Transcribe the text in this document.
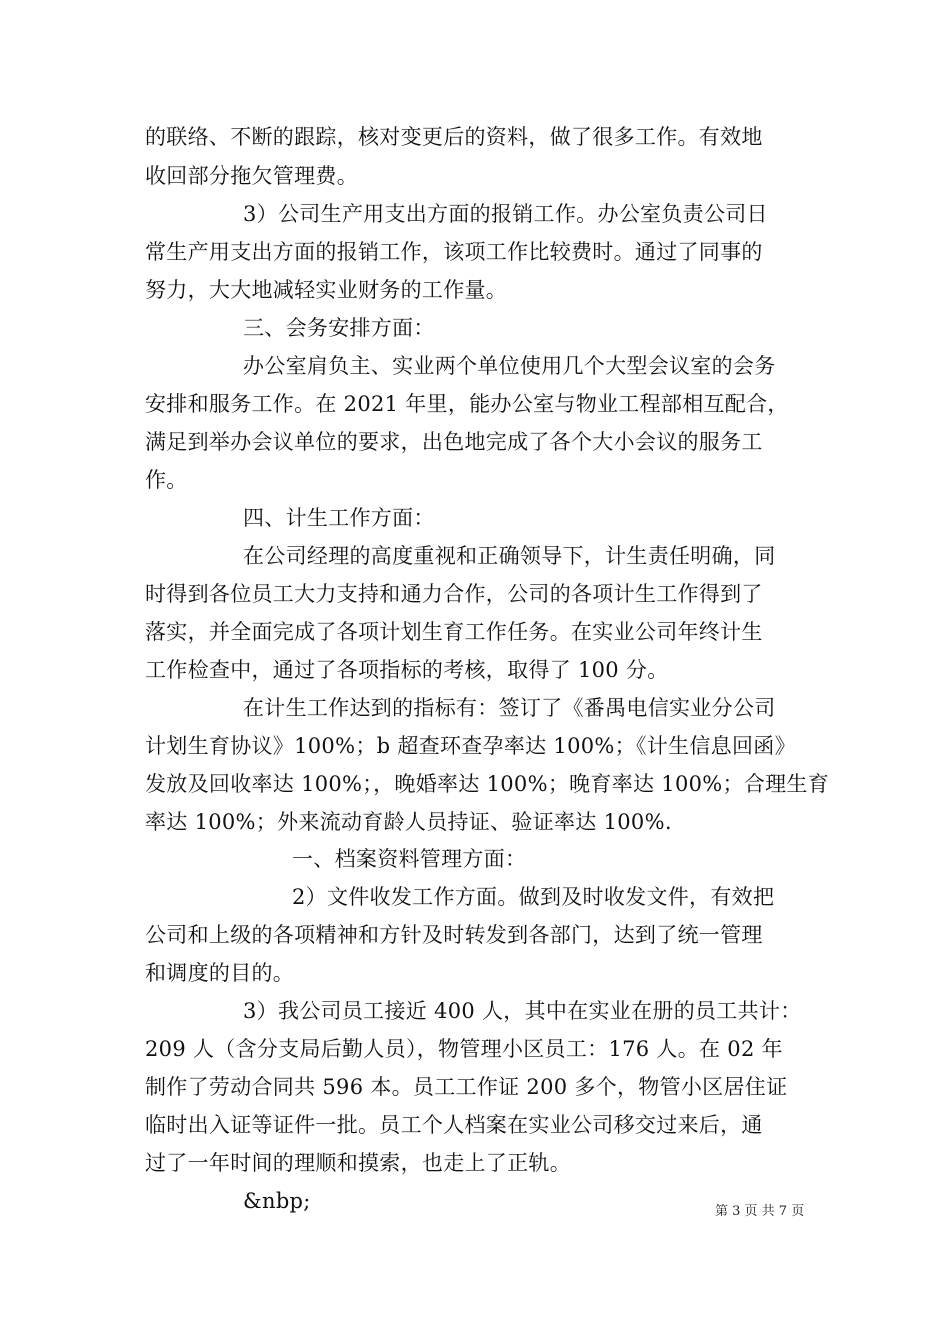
的联络、不断的跟踪，核对变更后的资料，做了很多工作。有效地
收回部分拖欠管理费。
3）公司生产用支出方面的报销工作。办公室负责公司日
常生产用支出方面的报销工作，该项工作比较费时。通过了同事的
努力，大大地减轻实业财务的工作量。
三、会务安排方面：
办公室肩负主、实业两个单位使用几个大型会议室的会务
安排和服务工作。在 2021 年里，能办公室与物业工程部相互配合，
满足到举办会议单位的要求，出色地完成了各个大小会议的服务工
作。
四、计生工作方面：
在公司经理的高度重视和正确领导下，计生责任明确，同
时得到各位员工大力支持和通力合作，公司的各项计生工作得到了
落实，并全面完成了各项计划生育工作任务。在实业公司年终计生
工作检查中，通过了各项指标的考核，取得了 100 分。
在计生工作达到的指标有：签订了《番禺电信实业分公司
计划生育协议》100%；b 超查环查孕率达 100%；《计生信息回函》
发放及回收率达 100%；，晚婚率达 100%；晚育率达 100%；合理生育
率达 100%；外来流动育龄人员持证、验证率达 100%.
一、档案资料管理方面：
2）文件收发工作方面。做到及时收发文件，有效把
公司和上级的各项精神和方针及时转发到各部门，达到了统一管理
和调度的目的。
3）我公司员工接近 400 人，其中在实业在册的员工共计：
209 人（含分支局后勤人员），物管理小区员工：176 人。在 02 年
制作了劳动合同共 596 本。员工工作证 200 多个，物管小区居住证
临时出入证等证件一批。员工个人档案在实业公司移交过来后，通
过了一年时间的理顺和摸索，也走上了正轨。
&nbp;	第 3 页 共 7 页
